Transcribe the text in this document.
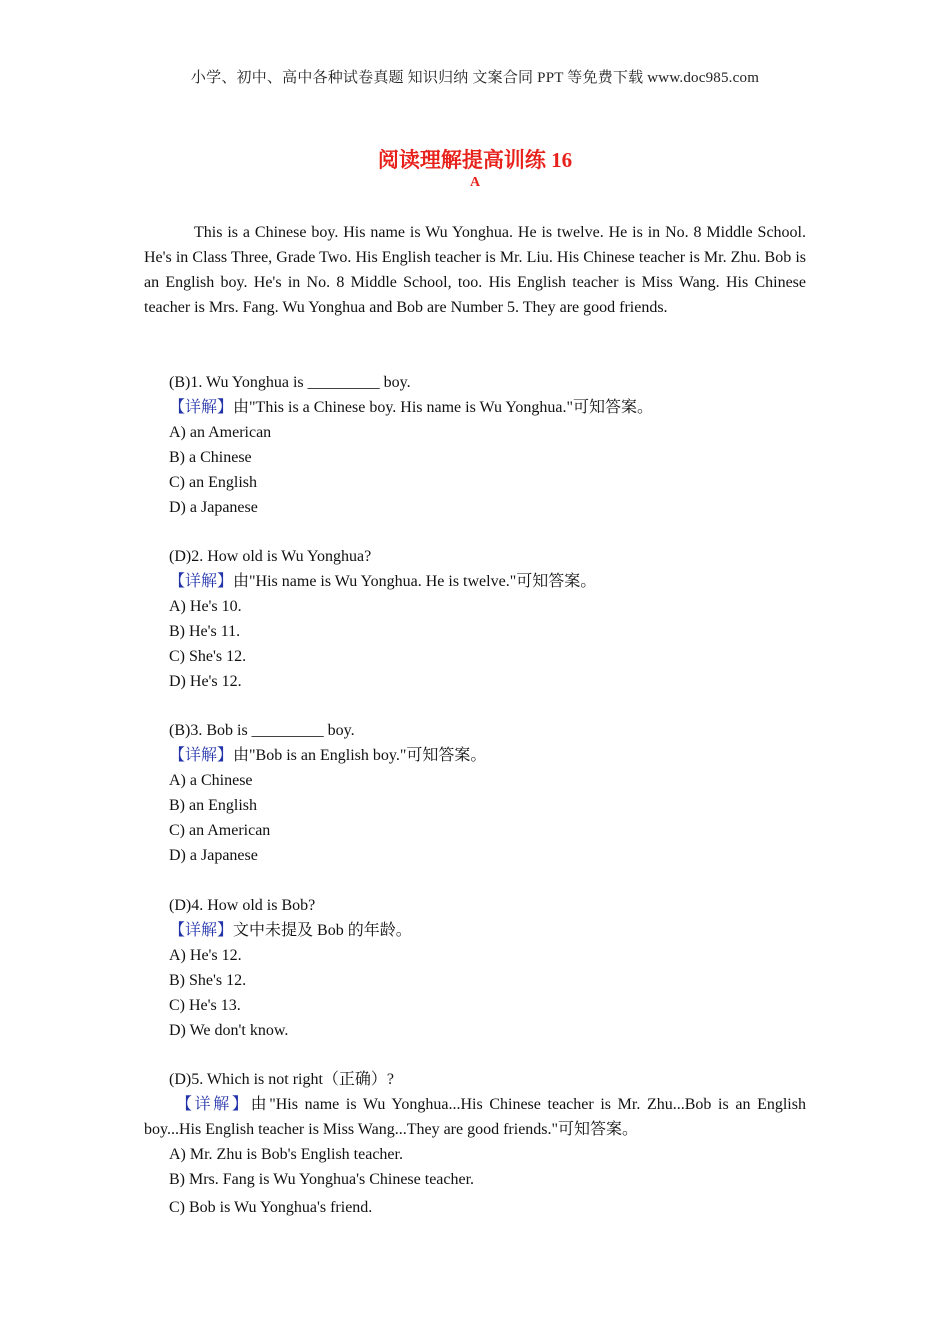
小学、初中、高中各种试卷真题 知识归纳 文案合同 PPT 等免费下载 www.doc985.com
阅读理解提高训练 16
A

This is a Chinese boy. His name is Wu Yonghua. He is twelve. He is in No. 8 Middle School. He's in Class Three, Grade Two. His English teacher is Mr. Liu. His Chinese teacher is Mr. Zhu. Bob is an English boy. He's in No. 8 Middle School, too. His English teacher is Miss Wang. His Chinese teacher is Mrs. Fang. Wu Yonghua and Bob are Number 5. They are good friends.

(B)1. Wu Yonghua is _________ boy.
【详解】由"This is a Chinese boy. His name is Wu Yonghua."可知答案。
A) an American
B) a Chinese
C) an English
D) a Japanese
(D)2. How old is Wu Yonghua?
【详解】由"His name is Wu Yonghua. He is twelve."可知答案。
A) He's 10.
B) He's 11.
C) She's 12.
D) He's 12.
(B)3. Bob is _________ boy.
【详解】由"Bob is an English boy."可知答案。
A) a Chinese
B) an English
C) an American
D) a Japanese
(D)4. How old is Bob?
【详解】文中未提及 Bob 的年龄。
A) He's 12.
B) She's 12.
C) He's 13.
D) We don't know.
(D)5. Which is not right（正确）?

【详解】由"His name is Wu Yonghua...His Chinese teacher is Mr. Zhu...Bob is an English boy...His English teacher is Miss Wang...They are good friends."可知答案。

A) Mr. Zhu is Bob's English teacher.
B) Mrs. Fang is Wu Yonghua's Chinese teacher.
C) Bob is Wu Yonghua's friend.
